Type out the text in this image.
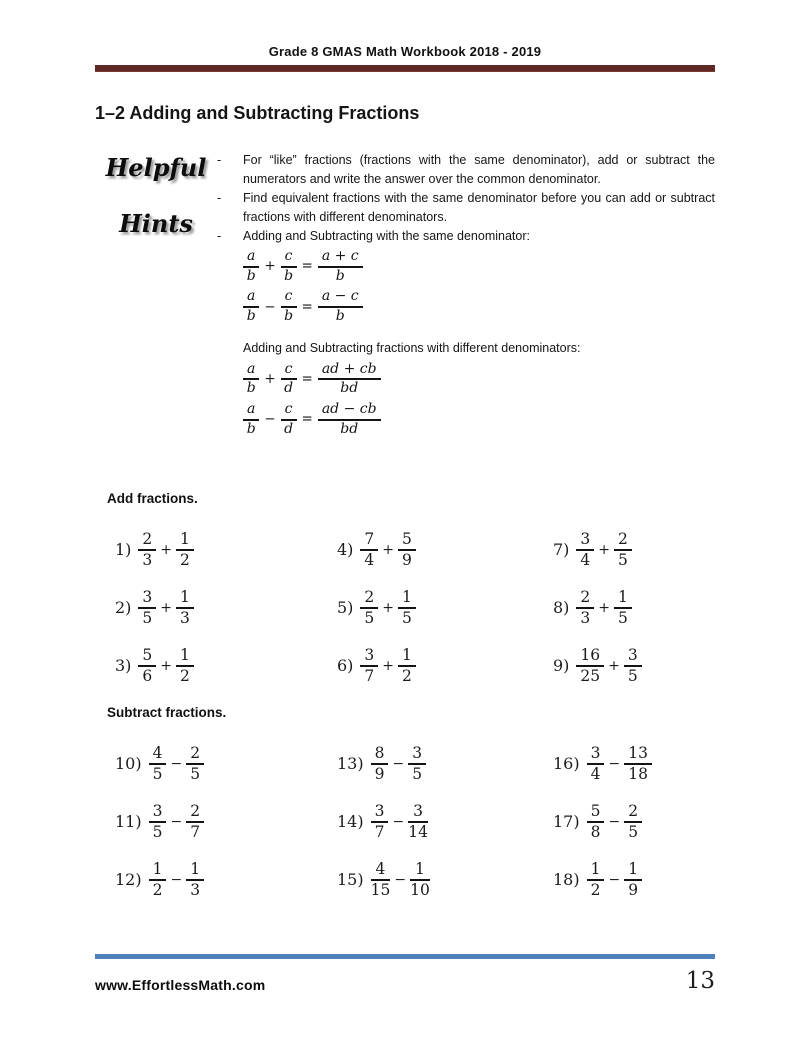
Grade 8 GMAS Math Workbook 2018 - 2019
1–2 Adding and Subtracting Fractions
Helpful
Hints
-	For “like” fractions (fractions with the same denominator), add or subtract the numerators and write the answer over the common denominator.
-	Find equivalent fractions with the same denominator before you can add or subtract fractions with different denominators.
-	Adding and Subtracting with the same denominator:
$\frac{a}{b} + \frac{c}{b} = \frac{a + c}{b}$
$\frac{a}{b} - \frac{c}{b} = \frac{a - c}{b}$
Adding and Subtracting fractions with different denominators:
$\frac{a}{b} + \frac{c}{d} = \frac{ad + cb}{bd}$
$\frac{a}{b} - \frac{c}{d} = \frac{ad - cb}{bd}$
Add fractions.
$1) \frac{2}{3} + \frac{1}{2}$
$2) \frac{3}{5} + \frac{1}{3}$
$3) \frac{5}{6} + \frac{1}{2}$
$4) \frac{7}{4} + \frac{5}{9}$
$5) \frac{2}{5} + \frac{1}{5}$
$6) \frac{3}{7} + \frac{1}{2}$
$7) \frac{3}{4} + \frac{2}{5}$
$8) \frac{2}{3} + \frac{1}{5}$
$9) \frac{16}{25} + \frac{3}{5}$
Subtract fractions.
$10) \frac{4}{5} - \frac{2}{5}$
$11) \frac{3}{5} - \frac{2}{7}$
$12) \frac{1}{2} - \frac{1}{3}$
$13) \frac{8}{9} - \frac{3}{5}$
$14) \frac{3}{7} - \frac{3}{14}$
$15) \frac{4}{15} - \frac{1}{10}$
$16) \frac{3}{4} - \frac{13}{18}$
$17) \frac{5}{8} - \frac{2}{5}$
$18) \frac{1}{2} - \frac{1}{9}$
www.EffortlessMath.com	13
